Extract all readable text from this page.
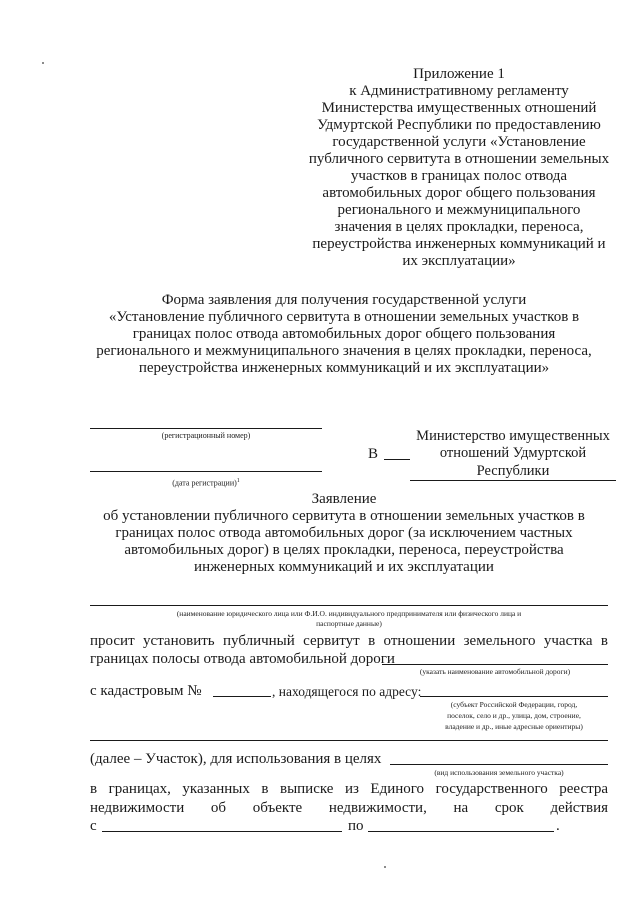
Приложение 1
к Административному регламенту
Министерства имущественных отношений
Удмуртской Республики по предоставлению
государственной услуги «Установление
публичного сервитута в отношении земельных
участков в границах полос отвода
автомобильных дорог общего пользования
регионального и межмуниципального
значения в целях прокладки, переноса,
переустройства инженерных коммуникаций и
их эксплуатации»
Форма заявления для получения государственной услуги
«Установление публичного сервитута в отношении земельных участков в
границах полос отвода автомобильных дорог общего пользования
регионального и межмуниципального значения в целях прокладки, переноса,
переустройства инженерных коммуникаций и их эксплуатации»
(регистрационный номер)
(дата регистрации)$^1$
В
Министерство имущественных
отношений Удмуртской Республики
Заявление
об установлении публичного сервитута в отношении земельных участков в
границах полос отвода автомобильных дорог (за исключением частных
автомобильных дорог) в целях прокладки, переноса, переустройства
инженерных коммуникаций и их эксплуатации
(наименование юридического лица или Ф.И.О. индивидуального предпринимателя или физического лица и
паспортные данные)
просит установить публичный сервитут в отношении земельного участка в
границах полосы отвода автомобильной дороги
(указать наименование автомобильной дороги)
с кадастровым №	, находящегося по адресу:
(субъект Российской Федерации, город,
поселок, село и др., улица, дом, строение,
владение и др., иные адресные ориентиры)
(далее – Участок), для использования в целях
(вид использования земельного участка)
в границах, указанных в выписке из Единого государственного реестра
недвижимости об объекте недвижимости, на срок действия
с	по	.
